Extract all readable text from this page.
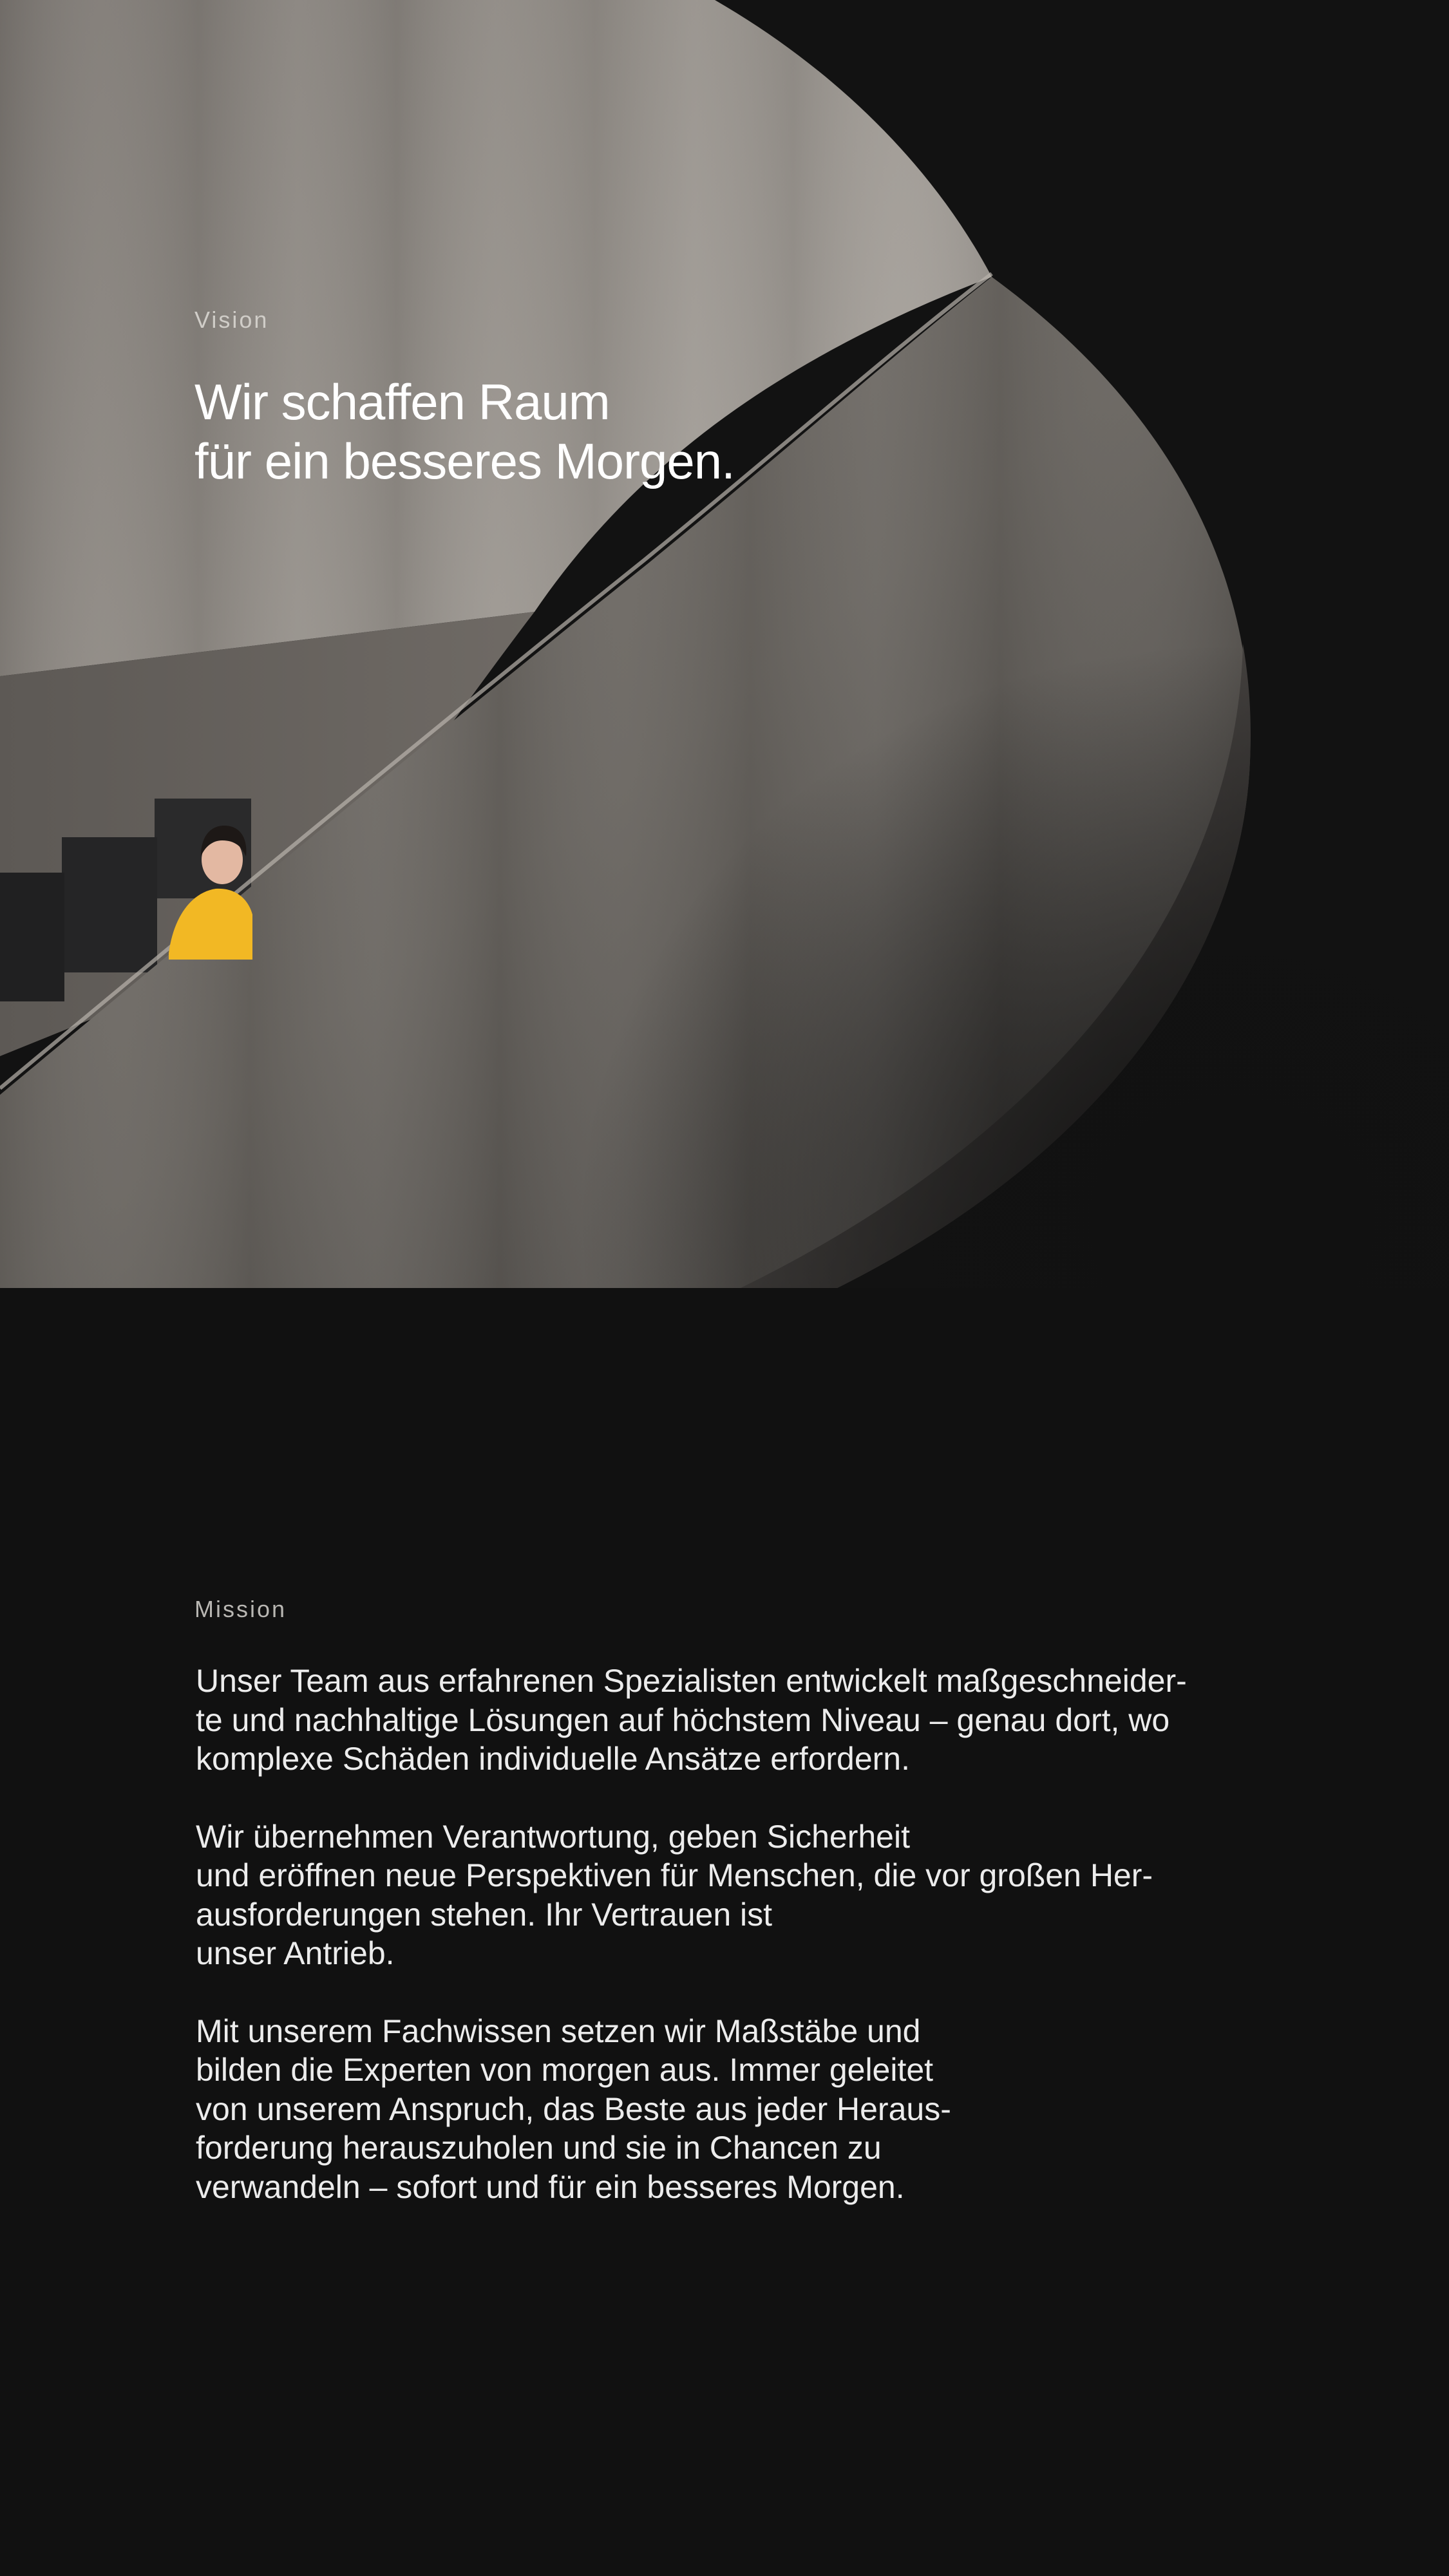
Vision

Wir schaffen Raum
für ein besseres Morgen.

Mission

Unser Team aus erfahrenen Spezialisten entwickelt maßgeschneider-
te und nachhaltige Lösungen auf höchstem Niveau – genau dort, wo
komplexe Schäden individuelle Ansätze erfordern.

Wir übernehmen Verantwortung, geben Sicherheit
und eröffnen neue Perspektiven für Menschen, die vor großen Her-
ausforderungen stehen. Ihr Vertrauen ist
unser Antrieb.

Mit unserem Fachwissen setzen wir Maßstäbe und
bilden die Experten von morgen aus. Immer geleitet
von unserem Anspruch, das Beste aus jeder Heraus-
forderung herauszuholen und sie in Chancen zu
verwandeln – sofort und für ein besseres Morgen.
